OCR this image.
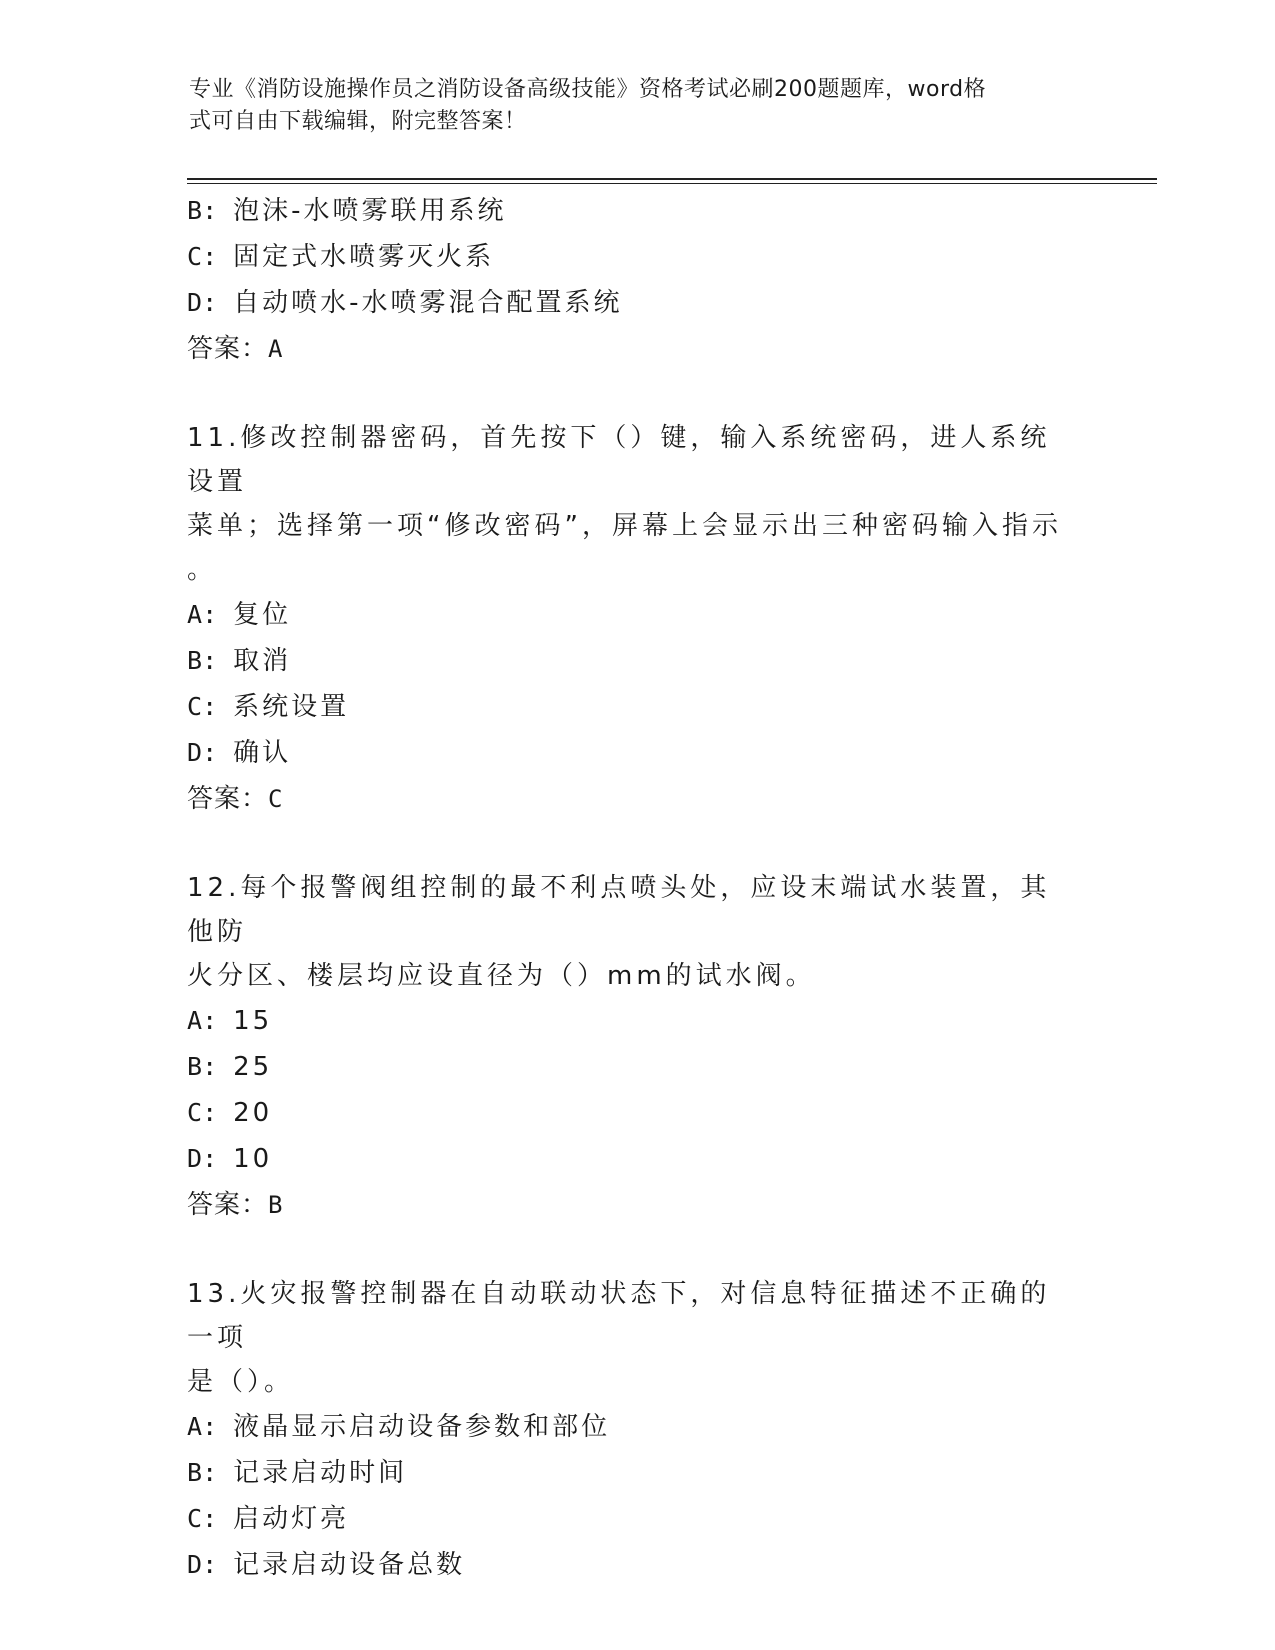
专业《消防设施操作员之消防设备高级技能》资格考试必刷200题题库，word格
式可自由下载编辑，附完整答案！
B: 泡沫-水喷雾联用系统
C: 固定式水喷雾灭火系
D: 自动喷水-水喷雾混合配置系统
答案：A
11.修改控制器密码，首先按下（）键，输入系统密码，进人系统设置
菜单；选择第一项“修改密码”，屏幕上会显示出三种密码输入指示
。
A: 复位
B: 取消
C: 系统设置
D: 确认
答案：C
12.每个报警阀组控制的最不利点喷头处，应设末端试水装置，其他防
火分区、楼层均应设直径为（）mm的试水阀。
A: 15
B: 25
C: 20
D: 10
答案：B
13.火灾报警控制器在自动联动状态下，对信息特征描述不正确的一项
是（）。
A: 液晶显示启动设备参数和部位
B: 记录启动时间
C: 启动灯亮
D: 记录启动设备总数
